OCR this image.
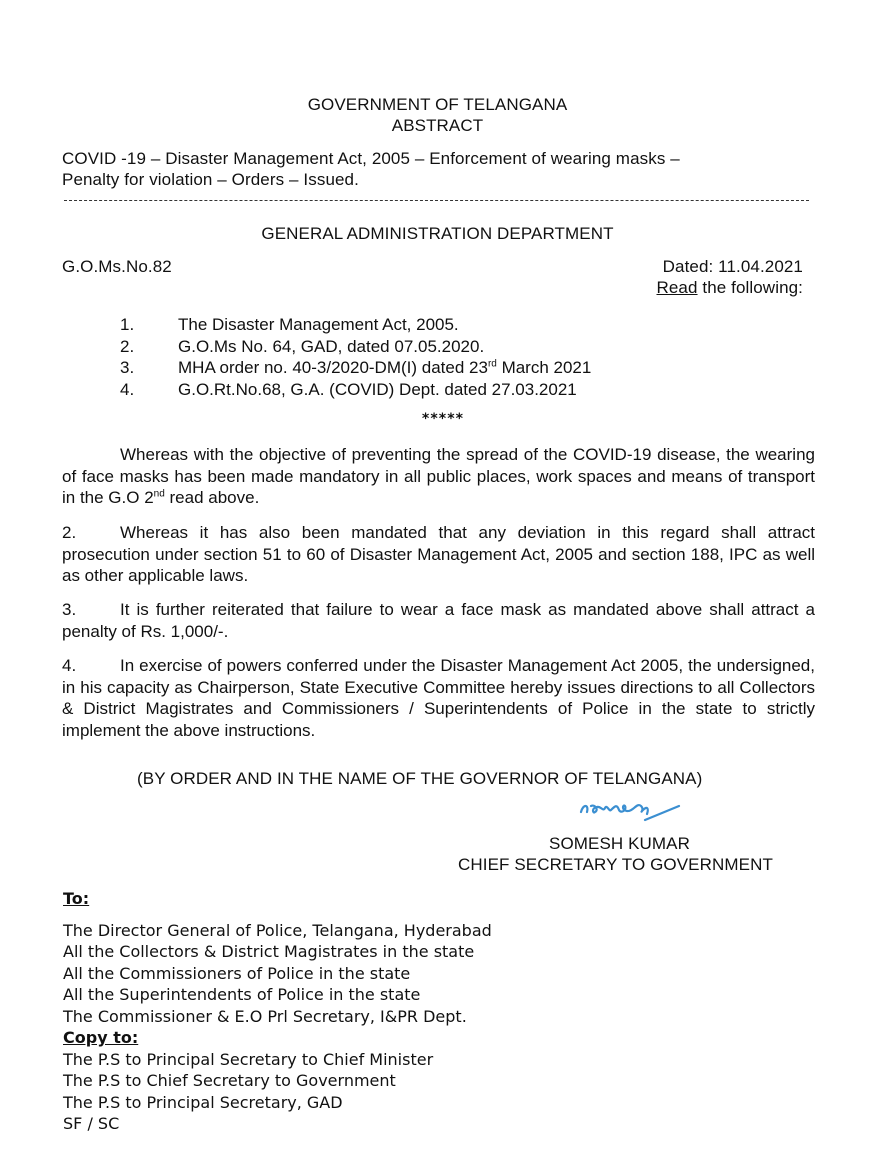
GOVERNMENT OF TELANGANA
ABSTRACT
COVID -19 – Disaster Management Act, 2005 – Enforcement of wearing masks –
Penalty for violation – Orders – Issued.
GENERAL ADMINISTRATION DEPARTMENT
G.O.Ms.No.82	Dated: 11.04.2021
Read the following:
1.	The Disaster Management Act, 2005.
2.	G.O.Ms No. 64, GAD, dated 07.05.2020.
3.	MHA order no. 40-3/2020-DM(I) dated 23rd March 2021
4.	G.O.Rt.No.68, G.A. (COVID) Dept. dated 27.03.2021
*****
Whereas with the objective of preventing the spread of the COVID-19 disease, the wearing of face masks has been made mandatory in all public places, work spaces and means of transport in the G.O 2nd read above.
2.	Whereas it has also been mandated that any deviation in this regard shall attract prosecution under section 51 to 60 of Disaster Management Act, 2005 and section 188, IPC as well as other applicable laws.
3.	It is further reiterated that failure to wear a face mask as mandated above shall attract a penalty of Rs. 1,000/-.
4.	In exercise of powers conferred under the Disaster Management Act 2005, the undersigned, in his capacity as Chairperson, State Executive Committee hereby issues directions to all Collectors & District Magistrates and Commissioners / Superintendents of Police in the state to strictly implement the above instructions.
(BY ORDER AND IN THE NAME OF THE GOVERNOR OF TELANGANA)
SOMESH KUMAR
CHIEF SECRETARY TO GOVERNMENT
To:
The Director General of Police, Telangana, Hyderabad
All the Collectors & District Magistrates in the state
All the Commissioners of Police in the state
All the Superintendents of Police in the state
The Commissioner & E.O Prl Secretary, I&PR Dept.
Copy to:
The P.S to Principal Secretary to Chief Minister
The P.S to Chief Secretary to Government
The P.S to Principal Secretary, GAD
SF / SC
